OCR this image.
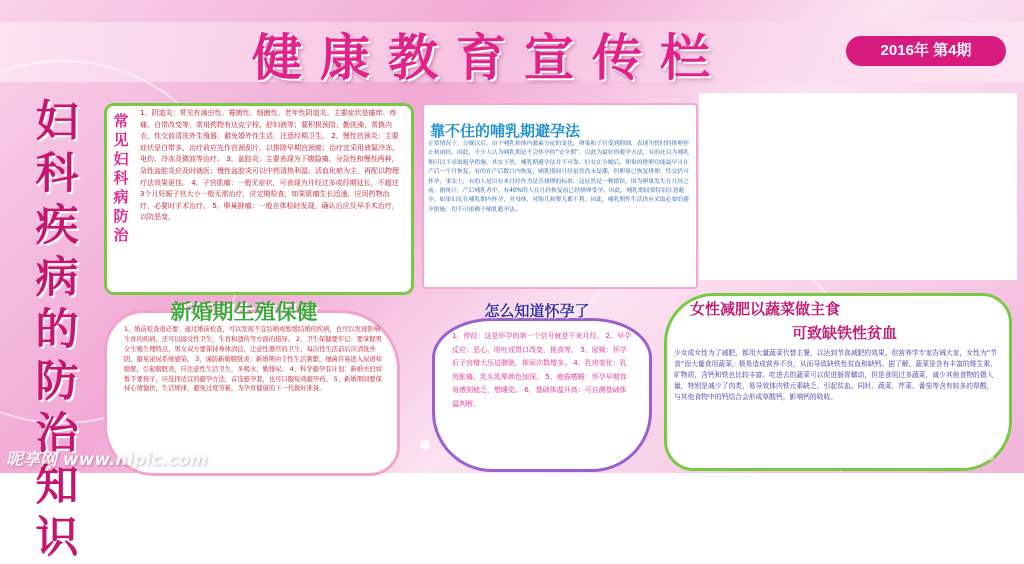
健康教育宣传栏	2016年 第4期
妇科疾病的防治知识
常见妇科病防治
1、阴道炎：常见有滴虫性、霉菌性、细菌性、老年性阴道炎。主要症状是瘙痒、疼痛、白带改变等，常用药物有达克宁栓、舒妇液等；要积极预防、勤洗澡、常换内衣，性交前清洗外生殖器，避免婚外性生活，注意经期卫生。 2、慢性宫颈炎：主要症状是白带多、治疗前应先作宫颈刮片，以排除早期宫颈癌；治疗宜采用液氮冷冻、电灼、冷冻及微波等治疗。 3、盆腔炎：主要表现为下腹隐痛，分急性和慢性两种，急性盆腔炎应及时就医；慢性盆腔炎可以中药清热利湿、活血化瘀为主，再配以物理疗法效果更佳。 4、子宫肌瘤：一般无症状，可表现为月经过多或经期延长，不超过3个月妊娠子宫大小一般无需治疗，应定期检查，如果肌瘤生长迅速，应用药物治疗，必要时手术治疗。 5、卵巢肿瘤：一般在体检时发现，确认后应及早手术治疗，以防恶变。
靠不住的哺乳期避孕法
正常情况下，分娩以后，由于哺乳和体内激素分泌的变化，卵巢和子宫受到抑制，表现为暂时的排卵停止和闭经。因此，不少人认为哺乳期是不会怀孕的“安全期”，以此为最好的避孕方法，有的还以为哺乳期可以不采取避孕措施。其实不然，哺乳期避孕法并不可靠。妇女在分娩后，卵巢的排卵功能最早可在产后一个月恢复，有的在产后数月内恢复，哺乳期间月经虽然尚未复潮，但卵巢已恢复排卵，性交仍可怀孕。事实上，有的人是以有来月经作为是否排卵的标准，这显然是一种错误。因为卵巢发生在月经之前，据统计，产后哺乳者中，有40%的人在月经恢复前已经排卵受孕。因此，哺乳期间要特别注意避孕。如果妇女在哺乳期内怀孕，对母体、对胎儿和婴儿都不利。因此，哺乳期性生活仍应采取必要的避孕措施，切不可依赖于哺乳避孕法。
新婚期生殖保健
1、婚前检查很必要：通过婚前检查，可以发现不宜结婚或暂缓结婚的疾病，也可以发现影响生育的疾病，还可以接受性卫生、生育和遗传等方面的指导。 2、卫生保健要牢记：要掌握男女生殖生理特点，男女双方要保持身体清洁，注意性器官的卫生，每次性生活前后应清洗外阴，避免泌尿系统感染。 3、谨防新婚膀胱炎：新婚期由于性生活频繁，细菌容易进入尿道和膀胱，引起膀胱炎，应注意性生活卫生，多喝水，勤排尿。 4、科学避孕有计划：新婚夫妇如暂不要孩子，应选择适宜的避孕方法，首选避孕套，也可口服短效避孕药。 5、新婚期间要保持心情愉快，生活规律，避免过度劳累，为孕育健康的下一代做好准备。
怎么知道怀孕了
1、停经：这是怀孕的第一个信号就是不来月经。 2、早孕反应：恶心、呕吐或胃口改变，挑食等。 3、尿频：怀孕后子宫增大压迫膀胱，排尿次数增多。 4、乳房变化：乳房胀痛，乳头乳晕颜色加深。 5、疲倦嗜睡：怀孕早期容易感到疲乏，想睡觉。 6、基础体温升高：可自测基础体温判断。
女性减肥以蔬菜做主食
可致缺铁性贫血
少女或女性为了减肥，都用大量蔬菜代替主餐，以达到节食减肥的效果。但营养学专家告诫大家，女性为“节食”而大量食用蔬菜，极易造成营养不良，从而导致缺铁性贫血和缺钙。据了解，蔬菜是含有丰富的维生素、矿物质，含钙和铁也比较丰富。吃进去的蔬菜可以促进肠胃蠕动，但是食用过多蔬菜，减少其他食物的摄入量，特别是减少了肉类，易导致体内铁元素缺乏，引起贫血。同时，蔬菜、芹菜、番茄等含有较多的草酸，与其他食物中的钙结合会形成草酸钙，影响钙的吸收。
昵享网 www.nipic.com	ID:26643792 NO:20160526151224526000
